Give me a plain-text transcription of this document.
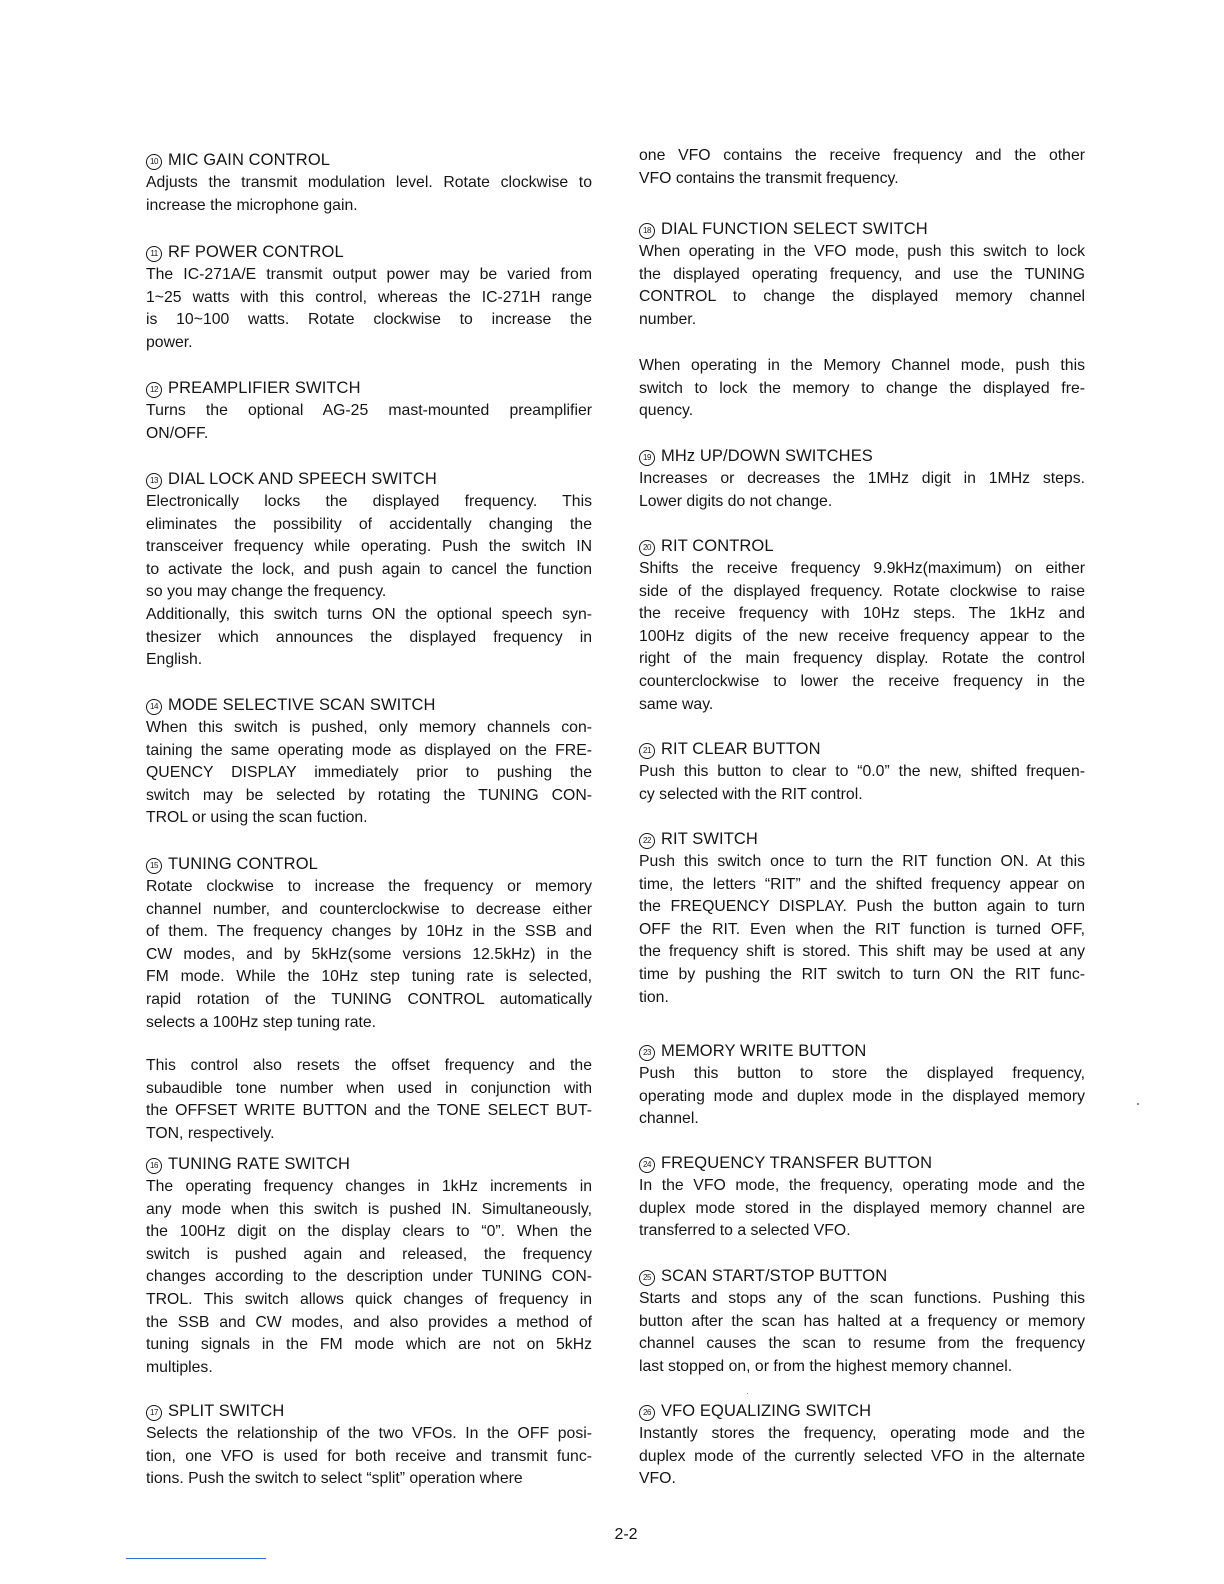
10 MIC GAIN CONTROL

Adjusts the transmit modulation level. Rotate clockwise to
increase the microphone gain.

11 RF POWER CONTROL

The IC-271A/E transmit output power may be varied from
1~25 watts with this control, whereas the IC-271H range
is 10~100 watts. Rotate clockwise to increase the
power.

12 PREAMPLIFIER SWITCH

Turns the optional AG-25 mast-mounted preamplifier
ON/OFF.

13 DIAL LOCK AND SPEECH SWITCH

Electronically locks the displayed frequency. This
eliminates the possibility of accidentally changing the
transceiver frequency while operating. Push the switch IN
to activate the lock, and push again to cancel the function
so you may change the frequency.

Additionally, this switch turns ON the optional speech syn-
thesizer which announces the displayed frequency in
English.

14 MODE SELECTIVE SCAN SWITCH

When this switch is pushed, only memory channels con-
taining the same operating mode as displayed on the FRE-
QUENCY DISPLAY immediately prior to pushing the
switch may be selected by rotating the TUNING CON-
TROL or using the scan fuction.

15 TUNING CONTROL

Rotate clockwise to increase the frequency or memory
channel number, and counterclockwise to decrease either
of them. The frequency changes by 10Hz in the SSB and
CW modes, and by 5kHz(some versions 12.5kHz) in the
FM mode. While the 10Hz step tuning rate is selected,
rapid rotation of the TUNING CONTROL automatically
selects a 100Hz step tuning rate.

This control also resets the offset frequency and the
subaudible tone number when used in conjunction with
the OFFSET WRITE BUTTON and the TONE SELECT BUT-
TON, respectively.

16 TUNING RATE SWITCH

The operating frequency changes in 1kHz increments in
any mode when this switch is pushed IN. Simultaneously,
the 100Hz digit on the display clears to “0”. When the
switch is pushed again and released, the frequency
changes according to the description under TUNING CON-
TROL. This switch allows quick changes of frequency in
the SSB and CW modes, and also provides a method of
tuning signals in the FM mode which are not on 5kHz
multiples.

17 SPLIT SWITCH

Selects the relationship of the two VFOs. In the OFF posi-
tion, one VFO is used for both receive and transmit func-
tions. Push the switch to select “split” operation where

one VFO contains the receive frequency and the other
VFO contains the transmit frequency.

18 DIAL FUNCTION SELECT SWITCH

When operating in the VFO mode, push this switch to lock
the displayed operating frequency, and use the TUNING
CONTROL to change the displayed memory channel
number.

When operating in the Memory Channel mode, push this
switch to lock the memory to change the displayed fre-
quency.

19 MHz UP/DOWN SWITCHES

Increases or decreases the 1MHz digit in 1MHz steps.
Lower digits do not change.

20 RIT CONTROL

Shifts the receive frequency 9.9kHz(maximum) on either
side of the displayed frequency. Rotate clockwise to raise
the receive frequency with 10Hz steps. The 1kHz and
100Hz digits of the new receive frequency appear to the
right of the main frequency display. Rotate the control
counterclockwise to lower the receive frequency in the
same way.

21 RIT CLEAR BUTTON

Push this button to clear to “0.0” the new, shifted frequen-
cy selected with the RIT control.

22 RIT SWITCH

Push this switch once to turn the RIT function ON. At this
time, the letters “RIT” and the shifted frequency appear on
the FREQUENCY DISPLAY. Push the button again to turn
OFF the RIT. Even when the RIT function is turned OFF,
the frequency shift is stored. This shift may be used at any
time by pushing the RIT switch to turn ON the RIT func-
tion.

23 MEMORY WRITE BUTTON

Push this button to store the displayed frequency,
operating mode and duplex mode in the displayed memory
channel.

24 FREQUENCY TRANSFER BUTTON

In the VFO mode, the frequency, operating mode and the
duplex mode stored in the displayed memory channel are
transferred to a selected VFO.

25 SCAN START/STOP BUTTON

Starts and stops any of the scan functions. Pushing this
button after the scan has halted at a frequency or memory
channel causes the scan to resume from the frequency
last stopped on, or from the highest memory channel.

26 VFO EQUALIZING SWITCH

Instantly stores the frequency, operating mode and the
duplex mode of the currently selected VFO in the alternate
VFO.

2-2
